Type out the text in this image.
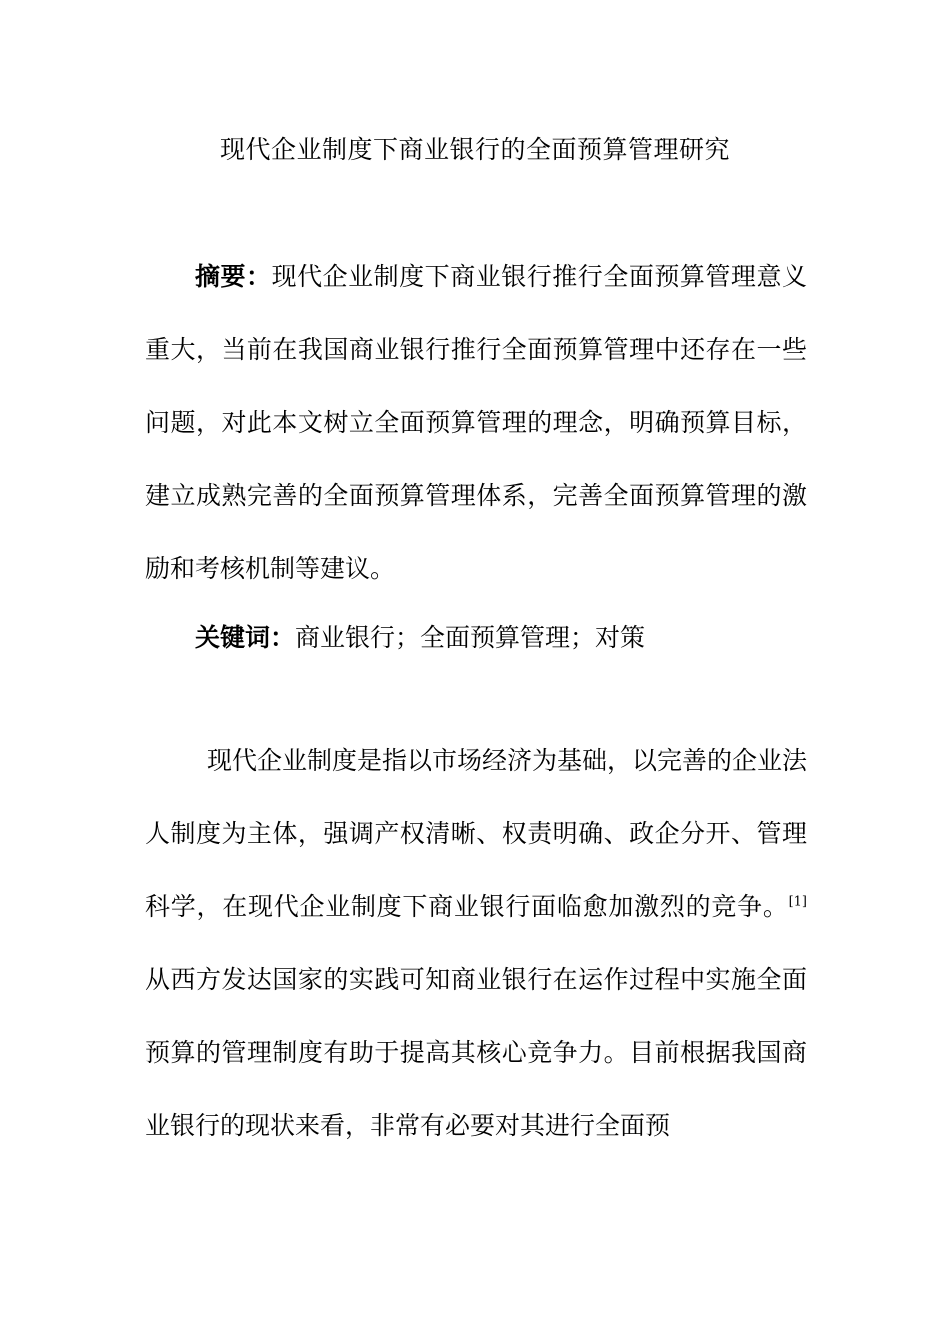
现代企业制度下商业银行的全面预算管理研究

摘要：现代企业制度下商业银行推行全面预算管理意义重大，当前在我国商业银行推行全面预算管理中还存在一些问题，对此本文树立全面预算管理的理念，明确预算目标，建立成熟完善的全面预算管理体系，完善全面预算管理的激励和考核机制等建议。

关键词：商业银行；全面预算管理；对策

现代企业制度是指以市场经济为基础，以完善的企业法人制度为主体，强调产权清晰、权责明确、政企分开、管理科学，在现代企业制度下商业银行面临愈加激烈的竞争。[1]从西方发达国家的实践可知商业银行在运作过程中实施全面预算的管理制度有助于提高其核心竞争力。目前根据我国商业银行的现状来看，非常有必要对其进行全面预
